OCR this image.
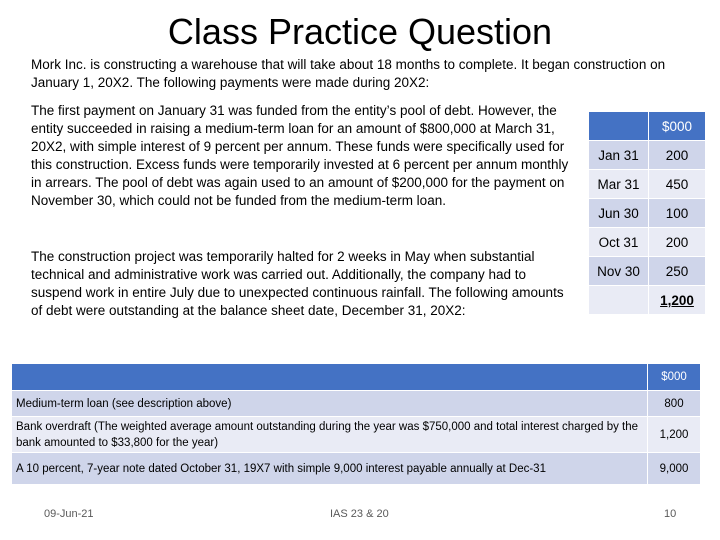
Class Practice Question
Mork Inc. is constructing a warehouse that will take about 18 months to complete. It began construction on January 1, 20X2. The following payments were made during 20X2:
The first payment on January 31 was funded from the entity’s pool of debt. However, the entity succeeded in raising a medium-term loan for an amount of $800,000 at March 31, 20X2, with simple interest of 9 percent per annum. These funds were specifically used for this construction. Excess funds were temporarily invested at 6 percent per annum monthly in arrears. The pool of debt was again used to an amount of $200,000 for the payment on November 30, which could not be funded from the medium-term loan.
The construction project was temporarily halted for 2 weeks in May when substantial technical and administrative work was carried out. Additionally, the company had to suspend work in entire July due to unexpected continuous rainfall. The following amounts of debt were outstanding at the balance sheet date, December 31, 20X2:
	$000
Jan 31	200
Mar 31	450
Jun 30	100
Oct 31	200
Nov 30	250
	1,200
	$000
Medium-term loan (see description above)	800
Bank overdraft (The weighted average amount outstanding during the year was $750,000 and total interest charged by the bank amounted to $33,800 for the year)	1,200
A 10 percent, 7-year note dated October 31, 19X7 with simple 9,000 interest payable annually at Dec-31	9,000
09-Jun-21	IAS 23 & 20	10
